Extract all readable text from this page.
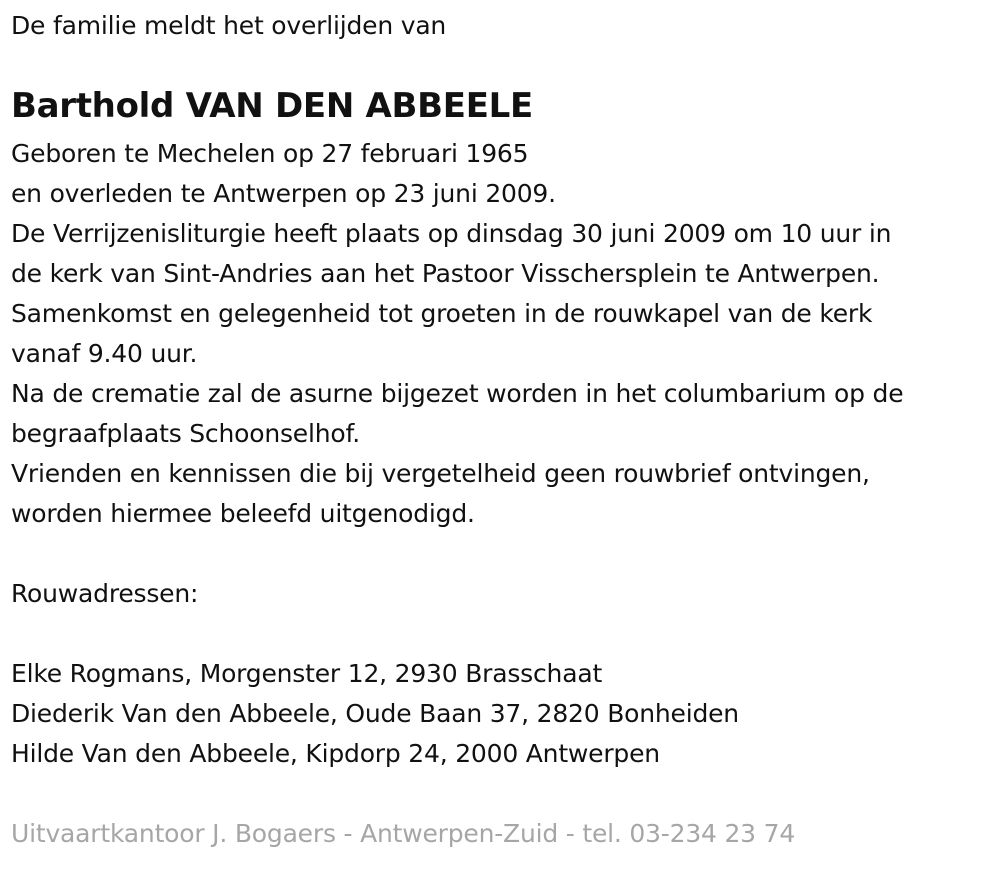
De familie meldt het overlijden van
Barthold VAN DEN ABBEELE
Geboren te Mechelen op 27 februari 1965
en overleden te Antwerpen op 23 juni 2009.
De Verrijzenisliturgie heeft plaats op dinsdag 30 juni 2009 om 10 uur in
de kerk van Sint-Andries aan het Pastoor Visschersplein te Antwerpen.
Samenkomst en gelegenheid tot groeten in de rouwkapel van de kerk
vanaf 9.40 uur.
Na de crematie zal de asurne bijgezet worden in het columbarium op de
begraafplaats Schoonselhof.
Vrienden en kennissen die bij vergetelheid geen rouwbrief ontvingen,
worden hiermee beleefd uitgenodigd.
Rouwadressen:
Elke Rogmans, Morgenster 12, 2930 Brasschaat
Diederik Van den Abbeele, Oude Baan 37, 2820 Bonheiden
Hilde Van den Abbeele, Kipdorp 24, 2000 Antwerpen
Uitvaartkantoor J. Bogaers - Antwerpen-Zuid - tel. 03-234 23 74
